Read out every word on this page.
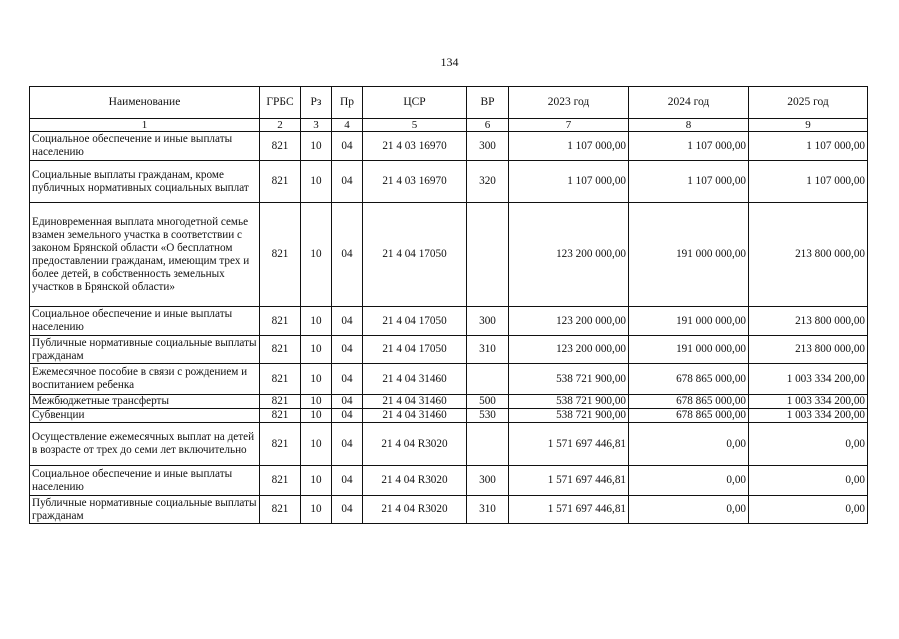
134
Наименование	ГРБС	Рз	Пр	ЦСР	ВР	2023 год	2024 год	2025 год
1	2	3	4	5	6	7	8	9
Социальное обеспечение и иные выплаты населению	821	10	04	21 4 03 16970	300	1 107 000,00	1 107 000,00	1 107 000,00
Социальные выплаты гражданам, кроме публичных нормативных социальных выплат	821	10	04	21 4 03 16970	320	1 107 000,00	1 107 000,00	1 107 000,00
Единовременная выплата многодетной семье взамен земельного участка в соответствии с законом Брянской области «О бесплатном предоставлении гражданам, имеющим трех и более детей, в собственность земельных участков в Брянской области»	821	10	04	21 4 04 17050		123 200 000,00	191 000 000,00	213 800 000,00
Социальное обеспечение и иные выплаты населению	821	10	04	21 4 04 17050	300	123 200 000,00	191 000 000,00	213 800 000,00
Публичные нормативные социальные выплаты гражданам	821	10	04	21 4 04 17050	310	123 200 000,00	191 000 000,00	213 800 000,00
Ежемесячное пособие в связи с рождением и воспитанием ребенка	821	10	04	21 4 04 31460		538 721 900,00	678 865 000,00	1 003 334 200,00
Межбюджетные трансферты	821	10	04	21 4 04 31460	500	538 721 900,00	678 865 000,00	1 003 334 200,00
Субвенции	821	10	04	21 4 04 31460	530	538 721 900,00	678 865 000,00	1 003 334 200,00
Осуществление ежемесячных выплат на детей в возрасте от трех до семи лет включительно	821	10	04	21 4 04 R3020		1 571 697 446,81	0,00	0,00
Социальное обеспечение и иные выплаты населению	821	10	04	21 4 04 R3020	300	1 571 697 446,81	0,00	0,00
Публичные нормативные социальные выплаты гражданам	821	10	04	21 4 04 R3020	310	1 571 697 446,81	0,00	0,00
